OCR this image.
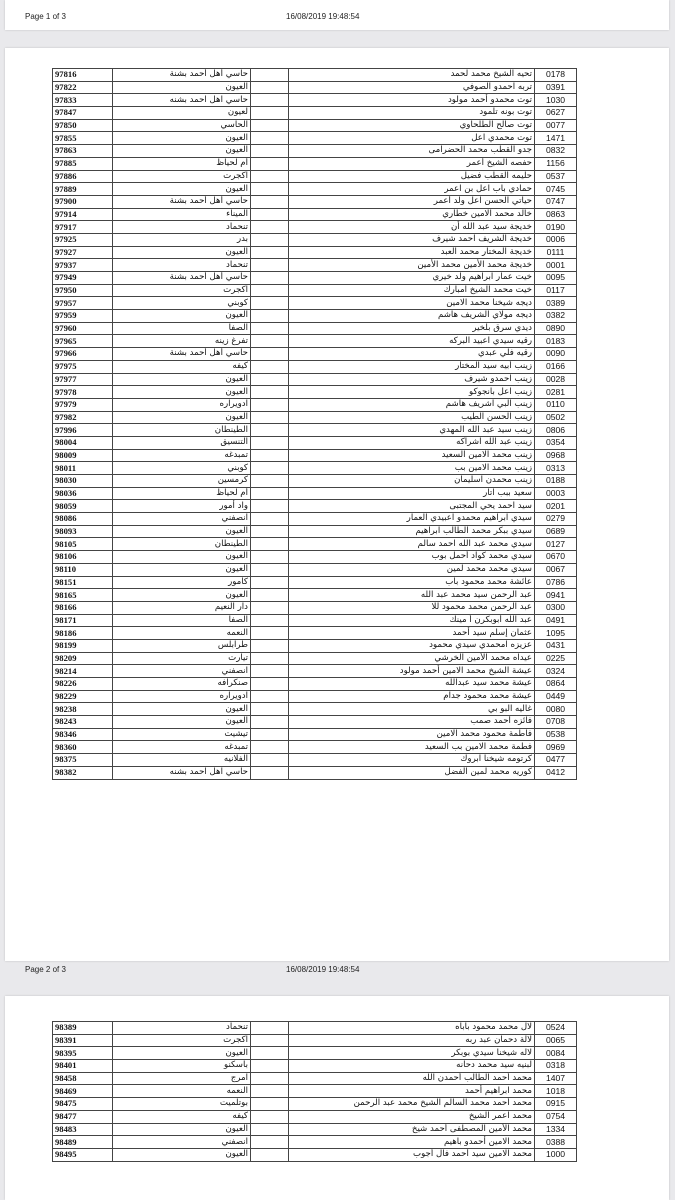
Page 1 of 3	16/08/2019 19:48:54
97816	حاسي أهل أحمد بشنة		تحيه الشيخ محمد لحمد	0178
97822	العيون		تربه احمدو الصوفي	0391
97833	حاسي اهل احمد بشنه		توت محمدو أحمد مولود	1030
97847	لعيون		توت بونه تلمود	0627
97850	الحاسي		توت صالح الطلحاوي	0077
97855	العيون		توت محمدي اعل	1471
97863	العيون		جدو القطب محمد الحضرامى	0832
97885	أم لحياظ		حفصه الشيخ أعمر	1156
97886	اكجرت		حليمه القطب فضيل	0537
97889	العيون		حمادي باب اعل بن اعمر	0745
97900	حاسي أهل أحمد بشنة		حياتي الحسن اعل ولد أعمر	0747
97914	الميناء		خالد محمد الامين خطاري	0863
97917	تنحماد		خديجة سيد عبد الله أن	0190
97925	بدر		خديجة الشريف احمد شيرف	0006
97927	العيون		خديجة المختار محمد العبد	0111
97937	تنحماد		خديجة محمد الأمين محمد الأمين	0001
97949	حاسي أهل أحمد بشنة		خيت عمار ابراهيم ولد خيري	0095
97950	اكجرت		خيت محمد الشيخ امبارك	0117
97957	كوبني		ديجه شيخنا محمد الامين	0389
97959	العيون		ديجه مولاي الشريف هاشم	0382
97960	الصفا		ديدي سرق بلخير	0890
97965	تفرغ زينه		رقيه سيدي اعبيد البركه	0183
97966	حاسي أهل أحمد بشنة		رقيه فلي عبدي	0090
97975	كيفه		زينب أبيه سيد المختار	0166
97977	العيون		زينب احمدو شيرف	0028
97978	العيون		زينب اعل بانجوكو	0281
97979	ادويراره		زينب البي اشريف هاشم	0110
97982	العيون		زينب الحسن الطيب	0502
97996	الطينطان		زينب سيد عبد الله المهدي	0806
98004	التنسيق		زينب عبد الله اشراكه	0354
98009	تمبدغه		زينب محمد الامين السعيد	0968
98011	كوبني		زينب محمد الامين بب	0313
98030	كرمسين		زينب محمدن اسليمان	0188
98036	أم لحياظ		سعيد ببب اتار	0003
98059	واد أمور		سيد احمد يحي المجتبى	0201
98086	انصفني		سيدي ابراهيم محمدو اعبيدي العمار	0279
98093	العيون		سيدي ببكر محمد الطالب ابراهيم	0689
98105	الطينطان		سيدي محمد عبد الله احمد سالم	0127
98106	العيون		سيدي محمد كواد أحمل بوب	0670
98110	العيون		سيدي محمد محمد لمين	0067
98151	كامور		عائشة محمد محمود باب	0786
98165	العيون		عبد الرحمن سيد محمد عبد الله	0941
98166	دار النعيم		عبد الرحمن محمد محمود للا	0300
98171	الصفا		عبد الله أبوبكرن أ مينك	0491
98186	النعمه		عثمان إسلم سيد أحمد	1095
98199	طرابلس		عزيزه امحمدي سيدي محمود	0431
98209	تيارت		عيداه محمد الأمين الخرشي	0225
98214	انصفني		عيشة الشيخ محمد الامين أحمد مولود	0324
98226	صنكرافه		عيشة محمد سيد عبدالله	0864
98229	ادويراره		عيشة محمد محمود جدام	0449
98238	العيون		غاليه البو بي	0080
98243	العيون		فائزه أحمد صمب	0708
98346	تيشيت		فاطمة محمود محمد الامين	0538
98360	تمبدغه		فطمة محمد الامين بب السعيد	0969
98375	الفلانيه		كرتومه شيخنا ابروك	0477
98382	حاسي اهل احمد بشنه		كوريه محمد لمين الفضل	0412
Page 2 of 3	16/08/2019 19:48:54
98389	تنحماد		لال محمد محمود باباه	0524
98391	اكجرت		لالة دحمان عبد ربه	0065
98395	العيون		لاله شيخنا سيدي بوبكر	0084
98401	باسكنو		لبنيه سيد محمد دحانه	0318
98458	امرج		محمد أحمد الطالب أحمدن الله	1407
98469	النعمه		محمد ابراهيم أحمد	1018
98475	بوتلميت		محمد أحمد محمد السالم الشيخ محمد عبد الرحمن	0915
98477	كيفه		محمد اعمر الشيخ	0754
98483	العيون		محمد الأمين المصطفى أحمد شيخ	1334
98489	انصفني		محمد الامين أحمدو باهيم	0388
98495	العيون		محمد الامين سيد أحمد فال أجوب	1000
